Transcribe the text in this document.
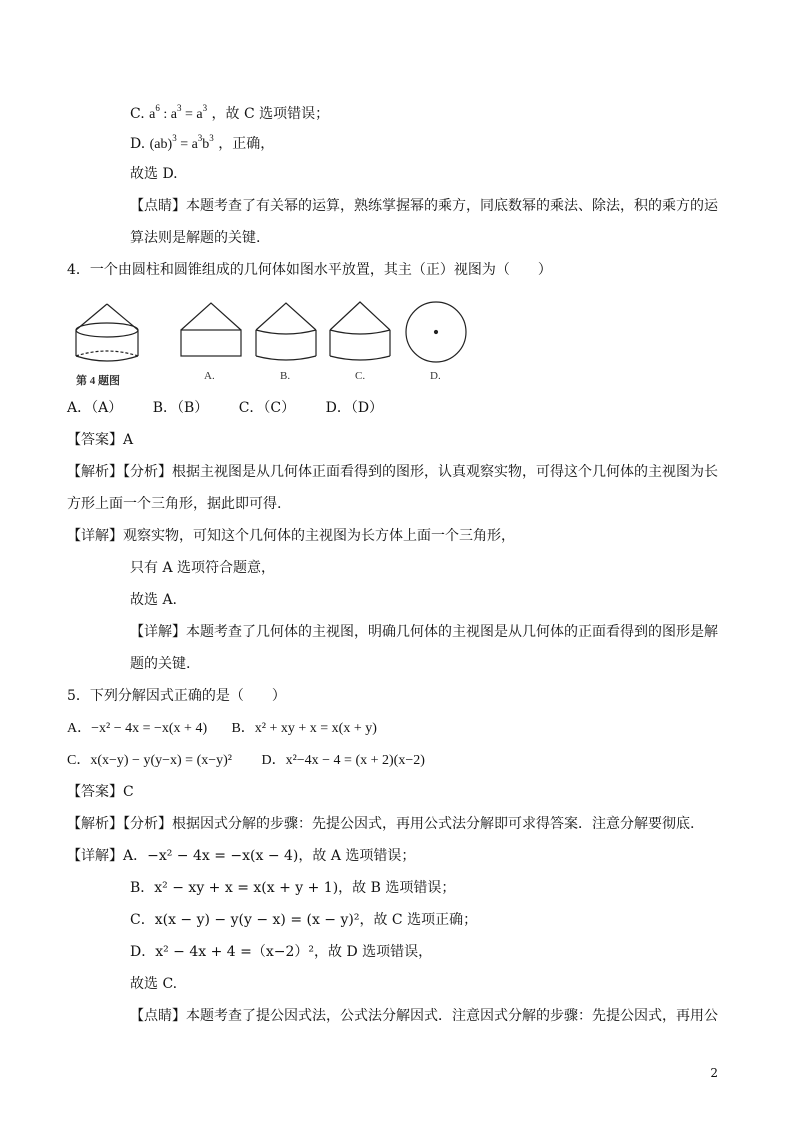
C. $a^6$ : $a^3 = a^3$ ，故 C 选项错误；
D. $(ab)^3 = a^3b^3$ ，正确，
故选 D.
【点睛】本题考查了有关幂的运算，熟练掌握幂的乘方，同底数幂的乘法、除法，积的乘方的运
算法则是解题的关键.
4．一个由圆柱和圆锥组成的几何体如图水平放置，其主（正）视图为（　　）
第 4 题图	A.	B.	C.	D.
A．（A） B．（B） C．（C） D．（D）
【答案】A
【解析】【分析】根据主视图是从几何体正面看得到的图形，认真观察实物，可得这个几何体的主视图为长
方形上面一个三角形，据此即可得.
【详解】观察实物，可知这个几何体的主视图为长方体上面一个三角形，
只有 A 选项符合题意，
故选 A.
【详解】本题考查了几何体的主视图，明确几何体的主视图是从几何体的正面看得到的图形是解
题的关键.
5．下列分解因式正确的是（　　）
A．−x² − 4x = −x(x + 4) B．x² + xy + x = x(x + y)
C．x(x−y) − y(y−x) = (x−y)² D．x²−4x − 4 = (x + 2)(x−2)
【答案】C
【解析】【分析】根据因式分解的步骤：先提公因式，再用公式法分解即可求得答案．注意分解要彻底.
【详解】A．−x² − 4x = −x(x − 4)，故 A 选项错误；
B．x² − xy + x = x(x + y + 1)，故 B 选项错误；
C．x(x − y) − y(y − x) = (x − y)²，故 C 选项正确；
D．x² − 4x + 4 =（x−2）²，故 D 选项错误，
故选 C.
【点睛】本题考查了提公因式法，公式法分解因式．注意因式分解的步骤：先提公因式，再用公
2
